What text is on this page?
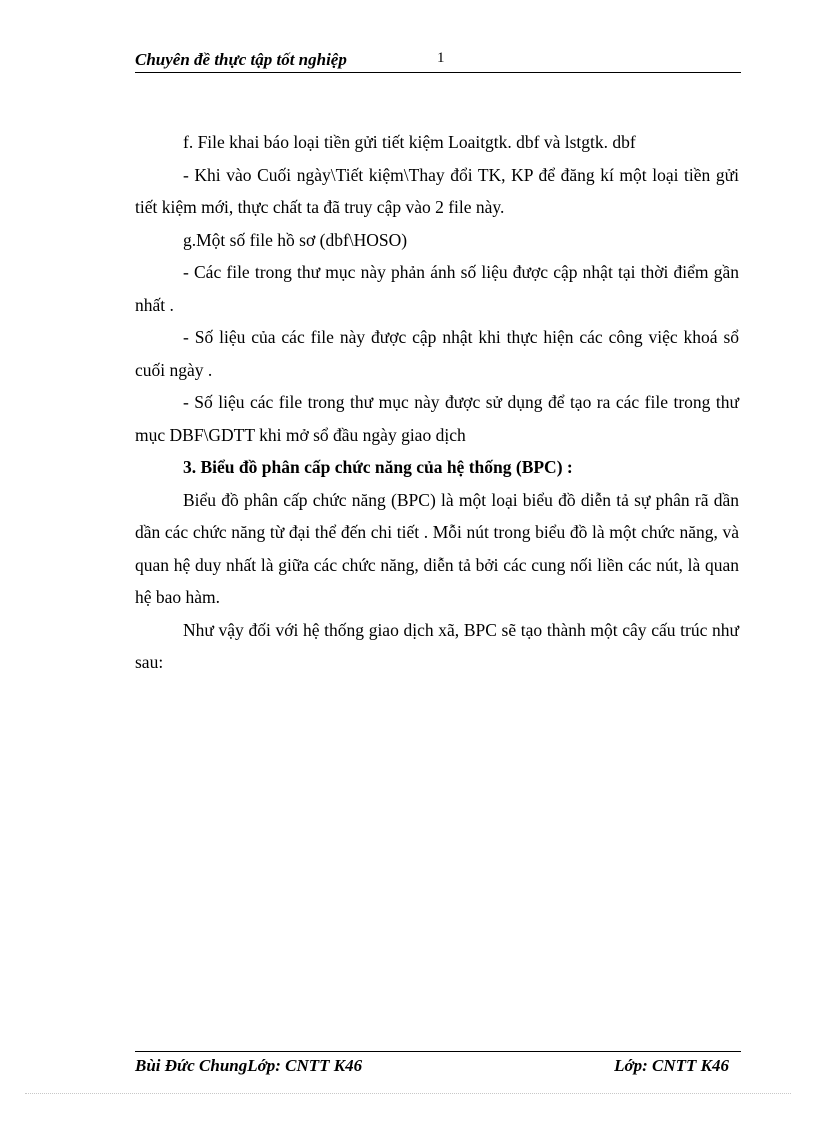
Chuyên đề thực tập tốt nghiệp	1

f. File khai báo loại tiền gửi tiết kiệm Loaitgtk. dbf và lstgtk. dbf

- Khi vào Cuối ngày\Tiết kiệm\Thay đổi TK, KP để đăng kí một loại tiền gửi tiết kiệm mới, thực chất ta đã truy cập vào 2 file này.

g.Một số file hồ sơ (dbf\HOSO)

- Các file trong thư mục này phản ánh số liệu được cập nhật tại thời điểm gần nhất .

- Số liệu của các file này được cập nhật khi thực hiện các công việc khoá sổ cuối ngày .

- Số liệu các file trong thư mục này được sử dụng để tạo ra các file trong thư mục DBF\GDTT khi mở sổ đầu ngày giao dịch

3. Biểu đồ phân cấp chức năng của hệ thống (BPC) :

Biểu đồ phân cấp chức năng (BPC) là một loại biểu đồ diễn tả sự phân rã dần dần các chức năng từ đại thể đến chi tiết . Mỗi nút trong biểu đồ là một chức năng, và quan hệ duy nhất là giữa các chức năng, diễn tả bởi các cung nối liền các nút, là quan hệ bao hàm.

Như vậy đối với hệ thống giao dịch xã, BPC sẽ tạo thành một cây cấu trúc như sau:

Bùi Đức ChungLớp: CNTT K46	Lớp: CNTT K46
